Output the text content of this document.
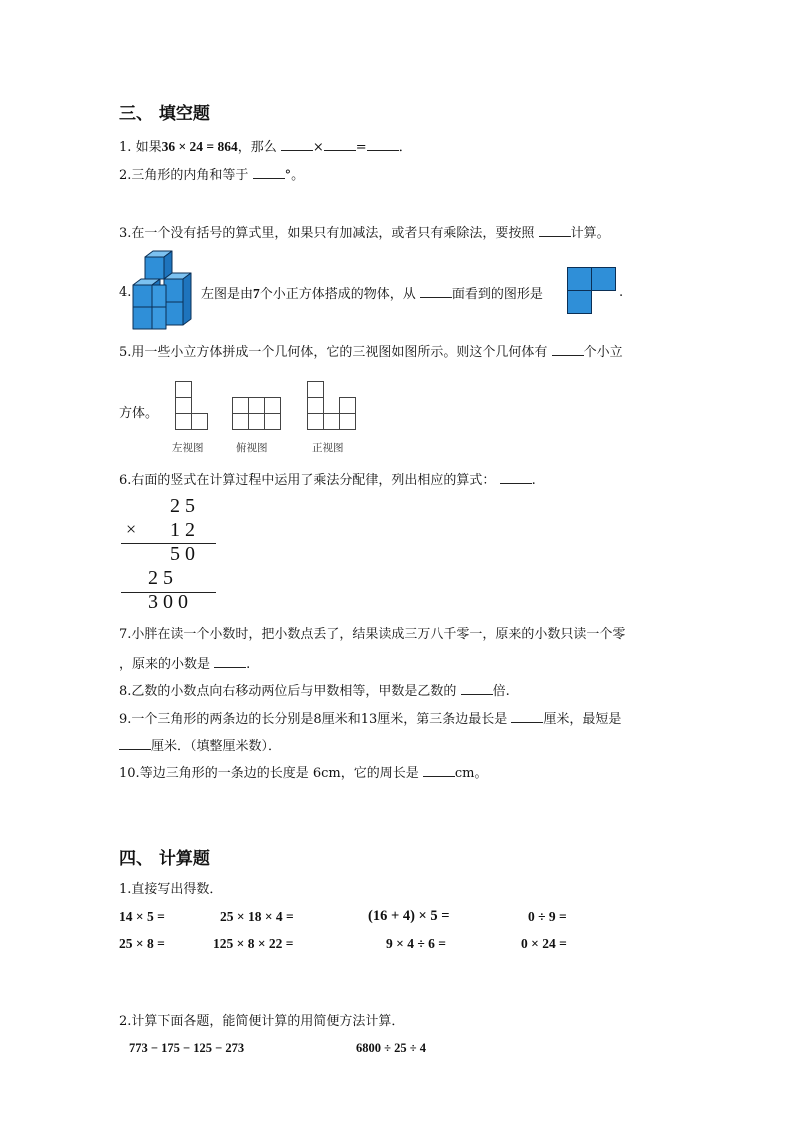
三、 填空题
1. 如果36 × 24 = 864，那么	× = ．
2.三角形的内角和等于	°。
3.在一个没有括号的算式里，如果只有加减法，或者只有乘除法，要按照	计算。
4.	左图是由7个小正方体搭成的物体，从	面看到的图形是	.
5.用一些小立方体拼成一个几何体，它的三视图如图所示。则这个几何体有	个小立
方体。
左视图	俯视图	正视图
6.右面的竖式在计算过程中运用了乘法分配律，列出相应的算式：	.
2 5
× 1 2
5 0
2 5
3 0 0
7.小胖在读一个小数时，把小数点丢了，结果读成三万八千零一，原来的小数只读一个零
，原来的小数是	.
8.乙数的小数点向右移动两位后与甲数相等，甲数是乙数的	倍.
9.一个三角形的两条边的长分别是8厘米和13厘米，第三条边最长是	厘米，最短是
厘米．（填整厘米数）．
10.等边三角形的一条边的长度是 6cm，它的周长是	cm。
四、 计算题
1.直接写出得数．
14 × 5 =	25 × 18 × 4 =	(16 + 4) × 5 =	0 ÷ 9 =
25 × 8 =	125 × 8 × 22 =	9 × 4 ÷ 6 =	0 × 24 =
2.计算下面各题，能简便计算的用简便方法计算．
773 − 175 − 125 − 273	6800 ÷ 25 ÷ 4
